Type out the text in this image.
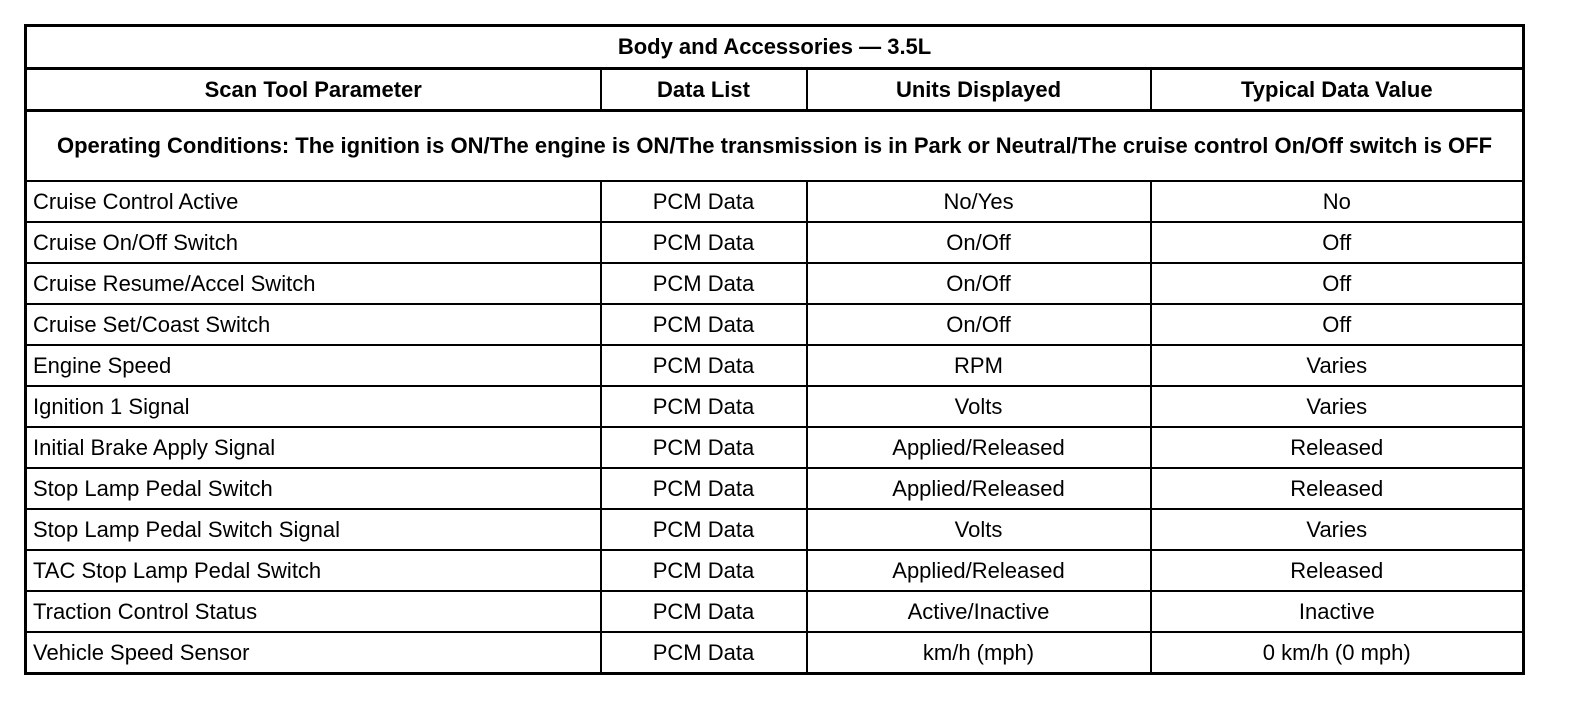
Body and Accessories — 3.5L			
Scan Tool Parameter	Data List	Units Displayed	Typical Data Value
Operating Conditions: The ignition is ON/The engine is ON/The transmission is in Park or Neutral/The cruise control On/Off switch is OFF			
Cruise Control Active	PCM Data	No/Yes	No
Cruise On/Off Switch	PCM Data	On/Off	Off
Cruise Resume/Accel Switch	PCM Data	On/Off	Off
Cruise Set/Coast Switch	PCM Data	On/Off	Off
Engine Speed	PCM Data	RPM	Varies
Ignition 1 Signal	PCM Data	Volts	Varies
Initial Brake Apply Signal	PCM Data	Applied/Released	Released
Stop Lamp Pedal Switch	PCM Data	Applied/Released	Released
Stop Lamp Pedal Switch Signal	PCM Data	Volts	Varies
TAC Stop Lamp Pedal Switch	PCM Data	Applied/Released	Released
Traction Control Status	PCM Data	Active/Inactive	Inactive
Vehicle Speed Sensor	PCM Data	km/h (mph)	0 km/h (0 mph)
